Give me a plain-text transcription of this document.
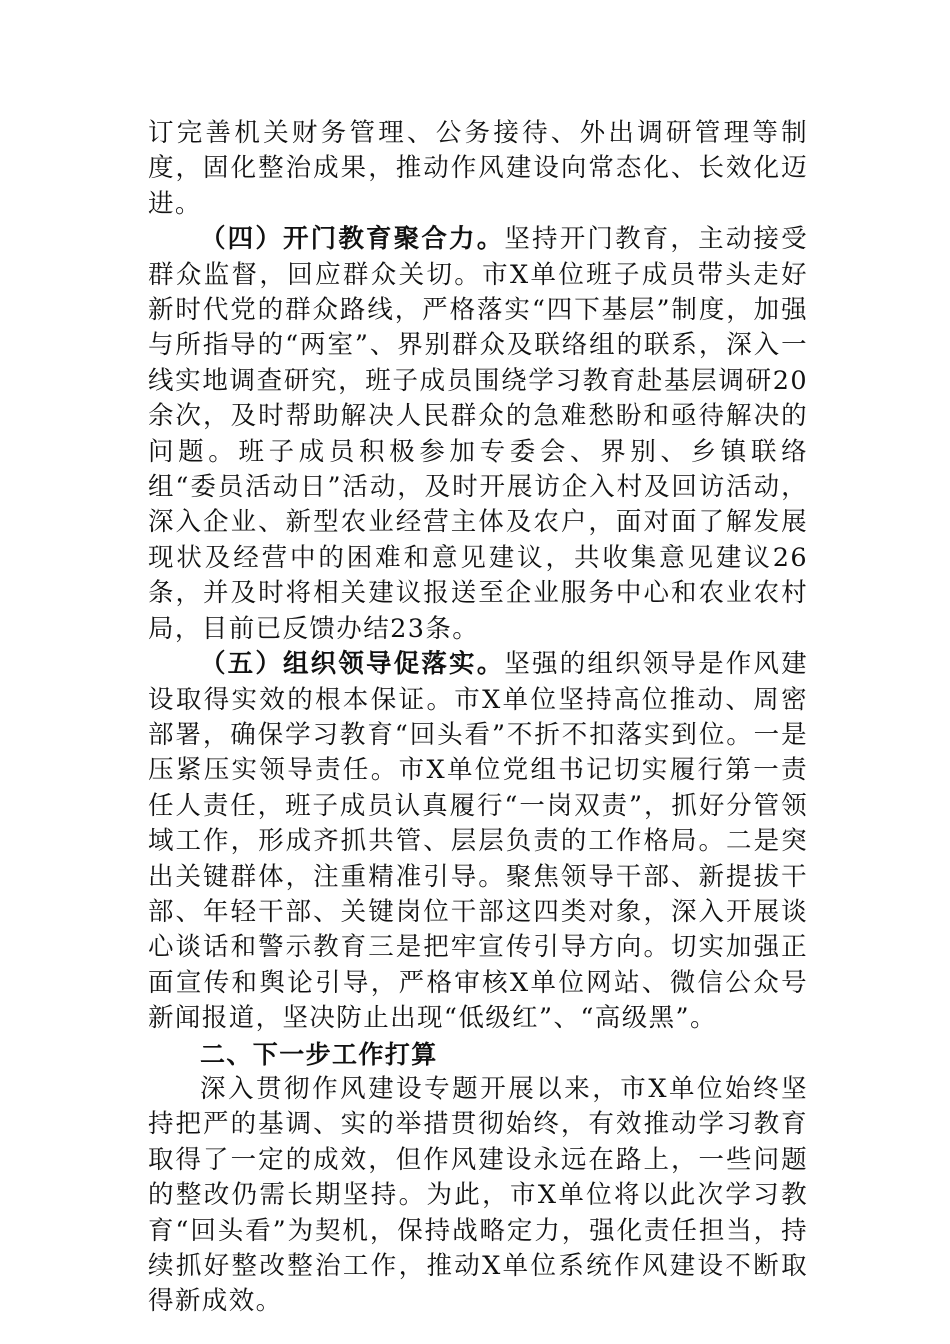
订完善机关财务管理、公务接待、外出调研管理等制度，固化整治成果，推动作风建设向常态化、长效化迈进。

（四）开门教育聚合力。坚持开门教育，主动接受群众监督，回应群众关切。市X单位班子成员带头走好新时代党的群众路线，严格落实“四下基层”制度，加强与所指导的“两室”、界别群众及联络组的联系，深入一线实地调查研究，班子成员围绕学习教育赴基层调研20余次，及时帮助解决人民群众的急难愁盼和亟待解决的问题。班子成员积极参加专委会、界别、乡镇联络组“委员活动日”活动，及时开展访企入村及回访活动，深入企业、新型农业经营主体及农户，面对面了解发展现状及经营中的困难和意见建议，共收集意见建议26条，并及时将相关建议报送至企业服务中心和农业农村局，目前已反馈办结23条。

（五）组织领导促落实。坚强的组织领导是作风建设取得实效的根本保证。市X单位坚持高位推动、周密部署，确保学习教育“回头看”不折不扣落实到位。一是压紧压实领导责任。市X单位党组书记切实履行第一责任人责任，班子成员认真履行“一岗双责”，抓好分管领域工作，形成齐抓共管、层层负责的工作格局。二是突出关键群体，注重精准引导。聚焦领导干部、新提拔干部、年轻干部、关键岗位干部这四类对象，深入开展谈心谈话和警示教育三是把牢宣传引导方向。切实加强正面宣传和舆论引导，严格审核X单位网站、微信公众号新闻报道，坚决防止出现“低级红”、“高级黑”。

二、下一步工作打算

深入贯彻作风建设专题开展以来，市X单位始终坚持把严的基调、实的举措贯彻始终，有效推动学习教育取得了一定的成效，但作风建设永远在路上，一些问题的整改仍需长期坚持。为此，市X单位将以此次学习教育“回头看”为契机，保持战略定力，强化责任担当，持续抓好整改整治工作，推动X单位系统作风建设不断取得新成效。
